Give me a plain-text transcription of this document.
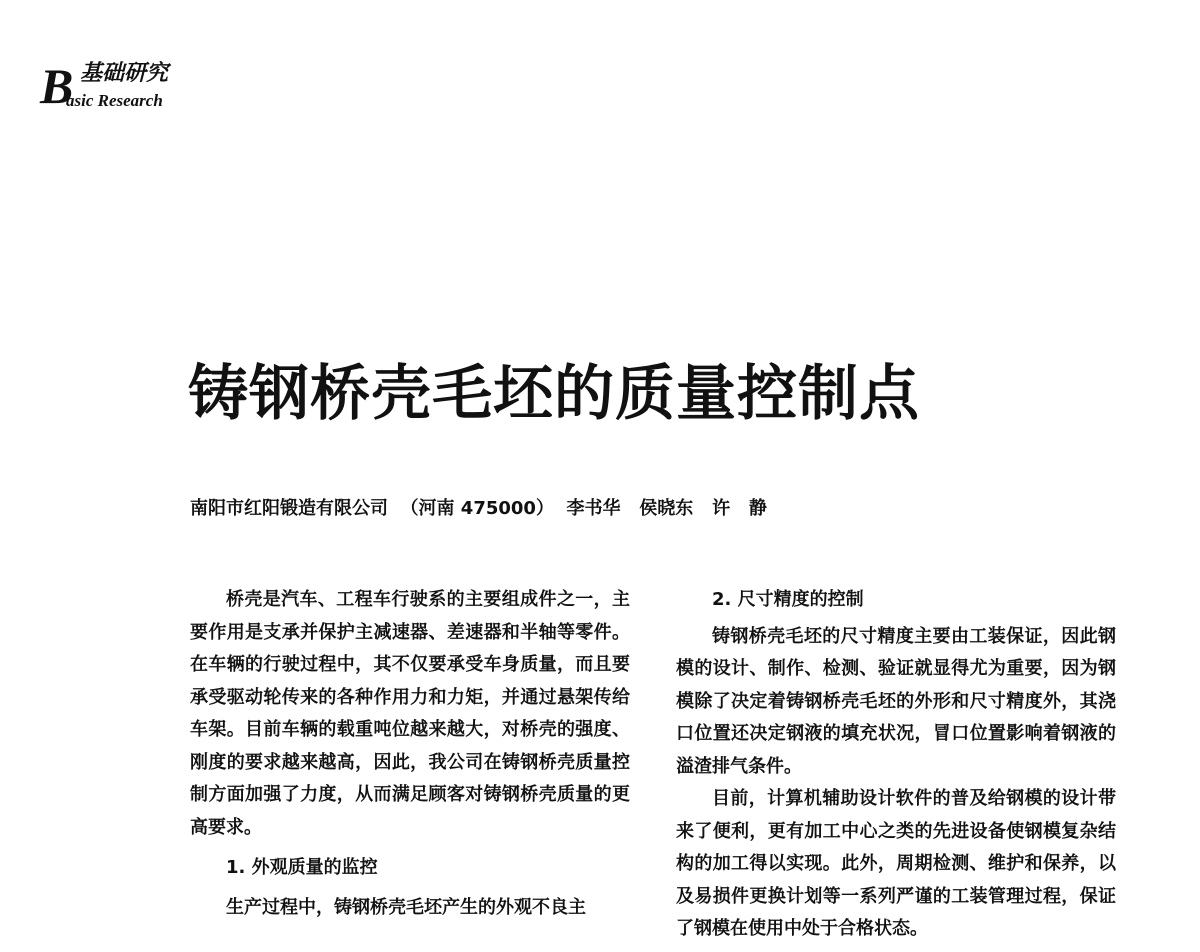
B 基础研究
asic Research
铸钢桥壳毛坯的质量控制点
南阳市红阳锻造有限公司  （河南 475000）  李书华   侯晓东   许   静

桥壳是汽车、工程车行驶系的主要组成件之一，主要作用是支承并保护主减速器、差速器和半轴等零件。在车辆的行驶过程中，其不仅要承受车身质量，而且要承受驱动轮传来的各种作用力和力矩，并通过悬架传给车架。目前车辆的载重吨位越来越大，对桥壳的强度、刚度的要求越来越高，因此，我公司在铸钢桥壳质量控制方面加强了力度，从而满足顾客对铸钢桥壳质量的更高要求。

1. 外观质量的监控

生产过程中，铸钢桥壳毛坯产生的外观不良主

2. 尺寸精度的控制

铸钢桥壳毛坯的尺寸精度主要由工装保证，因此钢模的设计、制作、检测、验证就显得尤为重要，因为钢模除了决定着铸钢桥壳毛坯的外形和尺寸精度外，其浇口位置还决定钢液的填充状况，冒口位置影响着钢液的溢渣排气条件。

目前，计算机辅助设计软件的普及给钢模的设计带来了便利，更有加工中心之类的先进设备使钢模复杂结构的加工得以实现。此外，周期检测、维护和保养，以及易损件更换计划等一系列严谨的工装管理过程，保证了钢模在使用中处于合格状态。
